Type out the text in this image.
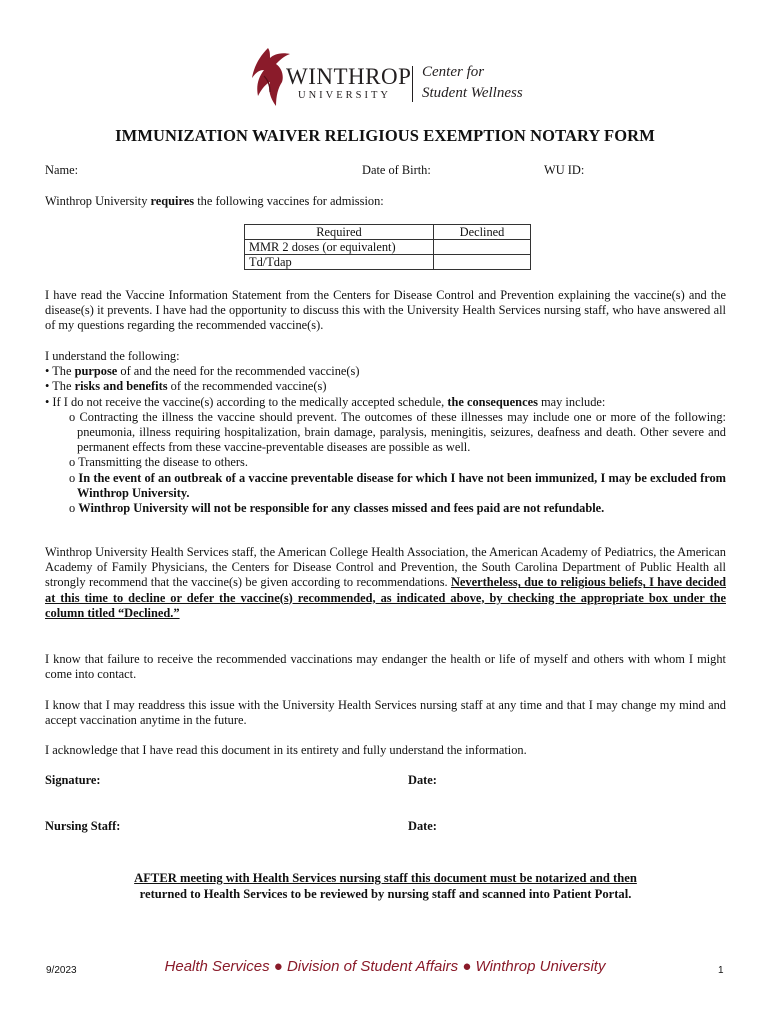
WINTHROP
UNIVERSITY
Center for
Student Wellness
IMMUNIZATION WAIVER RELIGIOUS EXEMPTION NOTARY FORM
Name:	Date of Birth:	WU ID:
Winthrop University requires the following vaccines for admission:
Required	Declined
MMR 2 doses (or equivalent)	
Td/Tdap	
I have read the Vaccine Information Statement from the Centers for Disease Control and Prevention explaining the vaccine(s) and the disease(s) it prevents. I have had the opportunity to discuss this with the University Health Services nursing staff, who have answered all of my questions regarding the recommended vaccine(s).
I understand the following:
• The purpose of and the need for the recommended vaccine(s)
• The risks and benefits of the recommended vaccine(s)
• If I do not receive the vaccine(s) according to the medically accepted schedule, the consequences may include:
o Contracting the illness the vaccine should prevent. The outcomes of these illnesses may include one or more of the following: pneumonia, illness requiring hospitalization, brain damage, paralysis, meningitis, seizures, deafness and death. Other severe and permanent effects from these vaccine-preventable diseases are possible as well.
o Transmitting the disease to others.
o In the event of an outbreak of a vaccine preventable disease for which I have not been immunized, I may be excluded from Winthrop University.
o Winthrop University will not be responsible for any classes missed and fees paid are not refundable.
Winthrop University Health Services staff, the American College Health Association, the American Academy of Pediatrics, the American Academy of Family Physicians, the Centers for Disease Control and Prevention, the South Carolina Department of Public Health all strongly recommend that the vaccine(s) be given according to recommendations. Nevertheless, due to religious beliefs, I have decided at this time to decline or defer the vaccine(s) recommended, as indicated above, by checking the appropriate box under the column titled “Declined.”
I know that failure to receive the recommended vaccinations may endanger the health or life of myself and others with whom I might come into contact.
I know that I may readdress this issue with the University Health Services nursing staff at any time and that I may change my mind and accept vaccination anytime in the future.
I acknowledge that I have read this document in its entirety and fully understand the information.
Signature:	Date:
Nursing Staff:	Date:
AFTER meeting with Health Services nursing staff this document must be notarized and then
returned to Health Services to be reviewed by nursing staff and scanned into Patient Portal.
9/2023	Health Services ● Division of Student Affairs ● Winthrop University	1
